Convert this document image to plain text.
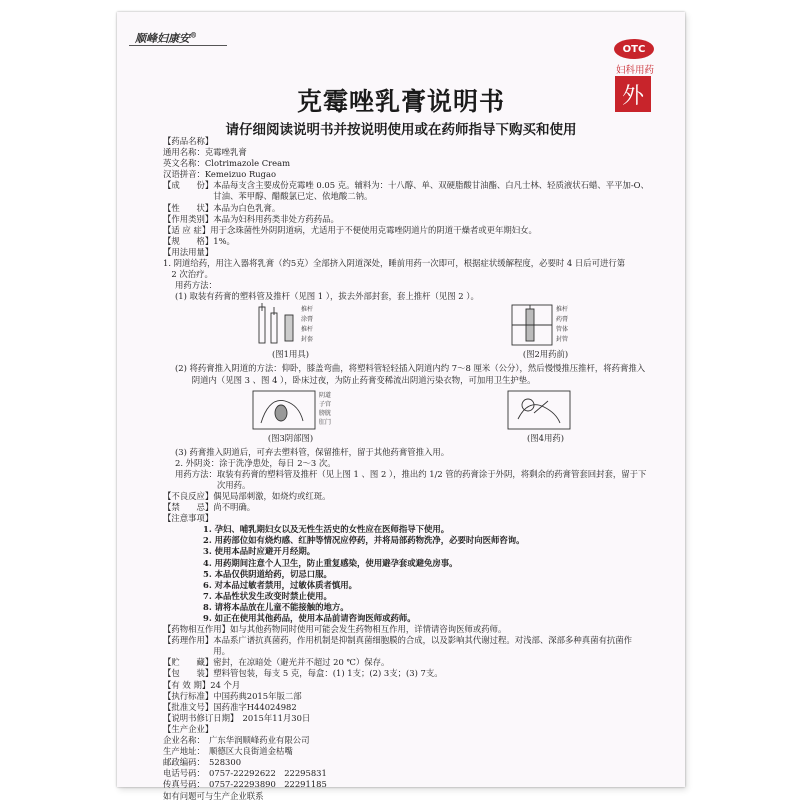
顺峰妇康安®
OTC
妇科用药
外
克霉唑乳膏说明书
请仔细阅读说明书并按说明使用或在药师指导下购买和使用
【药品名称】
通用名称：克霉唑乳膏
英文名称：Clotrimazole Cream
汉语拼音：Kemeizuo Rugao
【成　　份】本品每支含主要成份克霉唑 0.05 克。辅料为：十八醇、单、双硬脂酸甘油酯、白凡士林、轻质液状石蜡、平平加-O、
　　　　　　甘油、苯甲醇、醋酸氯已定、依地酸二钠。
【性　　状】本品为白色乳膏。
【作用类别】本品为妇科用药类非处方药药品。
【适 应 症】用于念珠菌性外阴阴道病，尤适用于不便使用克霉唑阴道片的阴道干燥者或更年期妇女。
【规　　格】1%。
【用法用量】
1. 阴道给药，用注入器将乳膏（约5克）全部挤入阴道深处，睡前用药一次即可，根据症状缓解程度，必要时 4 日后可进行第
　2 次治疗。
用药方法：
(1) 取装有药膏的塑料管及推杆（见图 1 ），拔去外部封套，套上推杆（见图 2 ）。
推杆
涂膏
推杆
封套
(图1用具)
推杆
药膏
管体
封管
(图2用药前)
(2) 将药膏推入阴道的方法：仰卧，膝盖弯曲，将塑料管轻轻插入阴道内约 7～8 厘米（公分），然后慢慢推压推杆，将药膏推入
　　阴道内（见图 3 、图 4 ），卧床过夜，为防止药膏变稀流出阴道污染衣物，可加用卫生护垫。
阴道
子宫
膀胱
肛门
(图3阴部图)	(图4用药)
(3) 药膏推入阴道后，可弃去塑料管，保留推杆，留于其他药膏管推入用。
2. 外阴炎：涂于洗净患处，每日 2～3 次。
用药方法：取装有药膏的塑料管及推杆（见上图 1 、图 2 ），推出约 1/2 管的药膏涂于外阴，将剩余的药膏管套回封套，留于下
　　　　　次用药。
【不良反应】偶见局部刺激，如烧灼或红斑。
【禁　　忌】尚不明确。
【注意事项】
1. 孕妇、哺乳期妇女以及无性生活史的女性应在医师指导下使用。
2. 用药部位如有烧灼感、红肿等情况应停药，并将局部药物洗净，必要时向医师咨询。
3. 使用本品时应避开月经期。
4. 用药期间注意个人卫生，防止重复感染，使用避孕套或避免房事。
5. 本品仅供阴道给药，切忌口服。
6. 对本品过敏者禁用，过敏体质者慎用。
7. 本品性状发生改变时禁止使用。
8. 请将本品放在儿童不能接触的地方。
9. 如正在使用其他药品，使用本品前请咨询医师或药师。
【药物相互作用】如与其他药物同时使用可能会发生药物相互作用，详情请咨询医师或药师。
【药理作用】本品系广谱抗真菌药，作用机制是抑制真菌细胞膜的合成，以及影响其代谢过程。对浅部、深部多种真菌有抗菌作
　　　　　　用。
【贮　　藏】密封，在凉暗处（避光并不超过 20 ℃）保存。
【包　　装】塑料管包装，每支 5 克，每盒：(1) 1支；(2) 3支；(3) 7支。
【有 效 期】24 个月
【执行标准】中国药典2015年版二部
【批准文号】国药准字H44024982
【说明书修订日期】　2015年11月30日
【生产企业】
企业名称：　广东华润顺峰药业有限公司
生产地址：　顺德区大良街道金枯嘴
邮政编码：　528300
电话号码：　0757-22292622　22295831
传真号码：　0757-22293890　22291185
如有问题可与生产企业联系
